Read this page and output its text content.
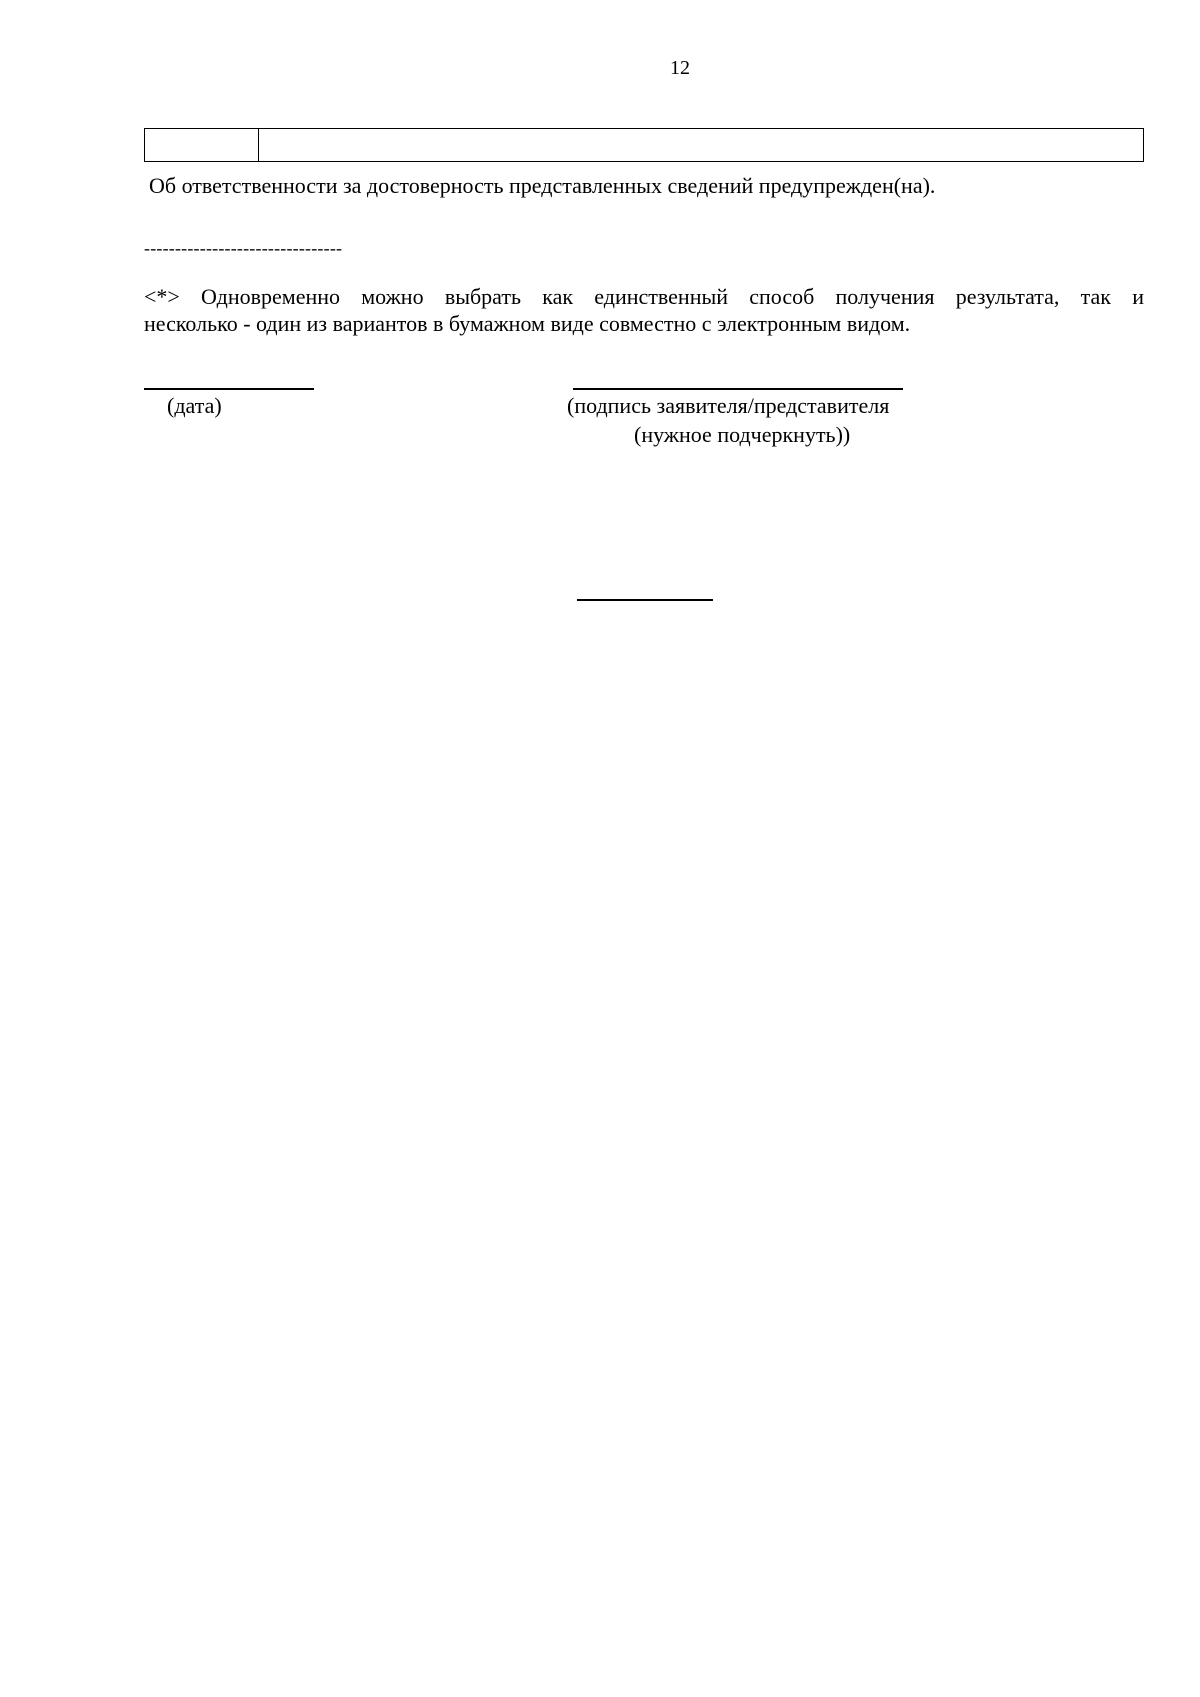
12

Об ответственности за достоверность представленных сведений предупрежден(на).
--------------------------------

<*> Одновременно можно выбрать как единственный способ получения результата, так и
несколько - один из вариантов в бумажном виде совместно с электронным видом.

(дата)	(подпись заявителя/представителя
(нужное подчеркнуть))
